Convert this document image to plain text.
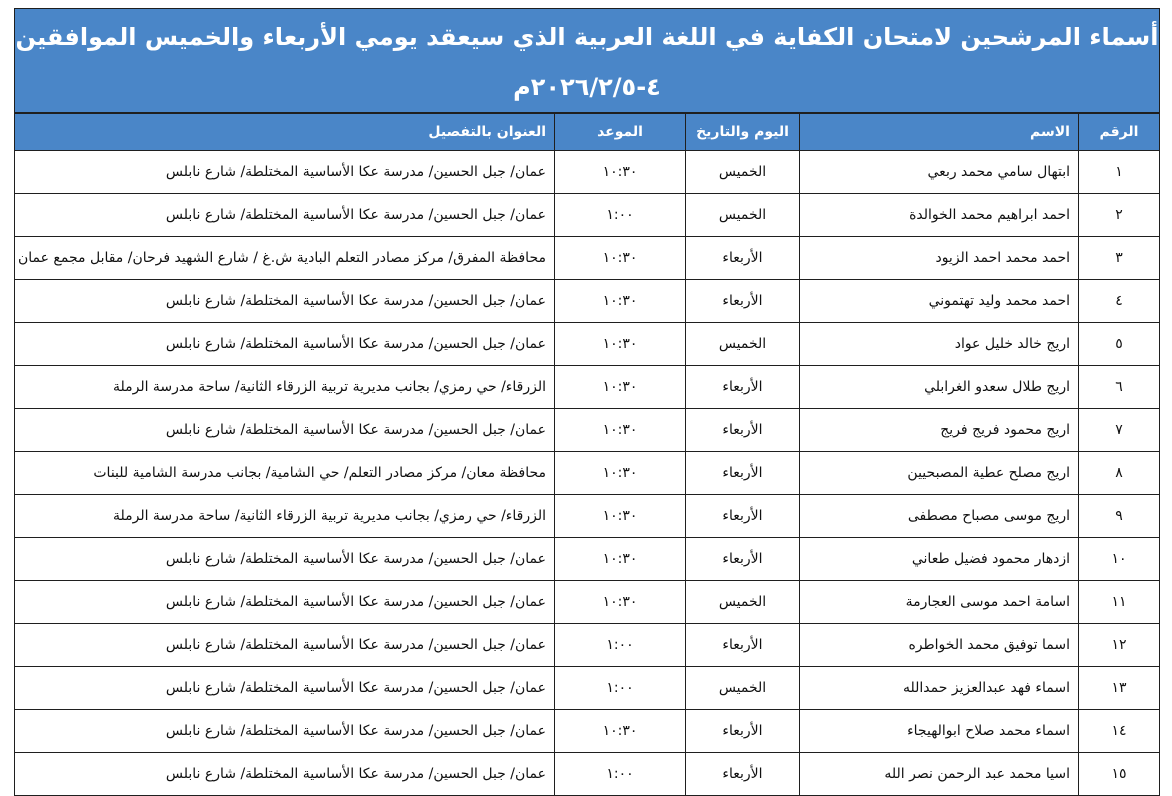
أسماء المرشحين لامتحان الكفاية في اللغة العربية الذي سيعقد يومي الأربعاء والخميس الموافقين
٤-٢٠٢٦/٢/٥م
الرقم	الاسم	اليوم والتاريخ	الموعد	العنوان بالتفصيل
١	ابتهال سامي محمد ربعي	الخميس	١٠:٣٠	عمان/ جبل الحسين/ مدرسة عكا الأساسية المختلطة/ شارع نابلس
٢	احمد ابراهيم محمد الخوالدة	الخميس	١:٠٠	عمان/ جبل الحسين/ مدرسة عكا الأساسية المختلطة/ شارع نابلس
٣	احمد محمد احمد الزيود	الأربعاء	١٠:٣٠	محافظة المفرق/ مركز مصادر التعلم البادية ش.غ / شارع الشهيد فرحان/ مقابل مجمع عمان
٤	احمد محمد وليد تهتموني	الأربعاء	١٠:٣٠	عمان/ جبل الحسين/ مدرسة عكا الأساسية المختلطة/ شارع نابلس
٥	اريج خالد خليل عواد	الخميس	١٠:٣٠	عمان/ جبل الحسين/ مدرسة عكا الأساسية المختلطة/ شارع نابلس
٦	اريج طلال سعدو الغرابلي	الأربعاء	١٠:٣٠	الزرقاء/ حي رمزي/ بجانب مديرية تربية الزرقاء الثانية/ ساحة مدرسة الرملة
٧	اريج محمود فريج فريج	الأربعاء	١٠:٣٠	عمان/ جبل الحسين/ مدرسة عكا الأساسية المختلطة/ شارع نابلس
٨	اريج مصلح عطية المصبحيين	الأربعاء	١٠:٣٠	محافظة معان/ مركز مصادر التعلم/ حي الشامية/ بجانب مدرسة الشامية للبنات
٩	اريج موسى مصباح مصطفى	الأربعاء	١٠:٣٠	الزرقاء/ حي رمزي/ بجانب مديرية تربية الزرقاء الثانية/ ساحة مدرسة الرملة
١٠	ازدهار محمود فضيل طعاني	الأربعاء	١٠:٣٠	عمان/ جبل الحسين/ مدرسة عكا الأساسية المختلطة/ شارع نابلس
١١	اسامة احمد موسى العجارمة	الخميس	١٠:٣٠	عمان/ جبل الحسين/ مدرسة عكا الأساسية المختلطة/ شارع نابلس
١٢	اسما توفيق محمد الخواطره	الأربعاء	١:٠٠	عمان/ جبل الحسين/ مدرسة عكا الأساسية المختلطة/ شارع نابلس
١٣	اسماء فهد عبدالعزيز حمدالله	الخميس	١:٠٠	عمان/ جبل الحسين/ مدرسة عكا الأساسية المختلطة/ شارع نابلس
١٤	اسماء محمد صلاح ابوالهيجاء	الأربعاء	١٠:٣٠	عمان/ جبل الحسين/ مدرسة عكا الأساسية المختلطة/ شارع نابلس
١٥	اسيا محمد عبد الرحمن نصر الله	الأربعاء	١:٠٠	عمان/ جبل الحسين/ مدرسة عكا الأساسية المختلطة/ شارع نابلس
